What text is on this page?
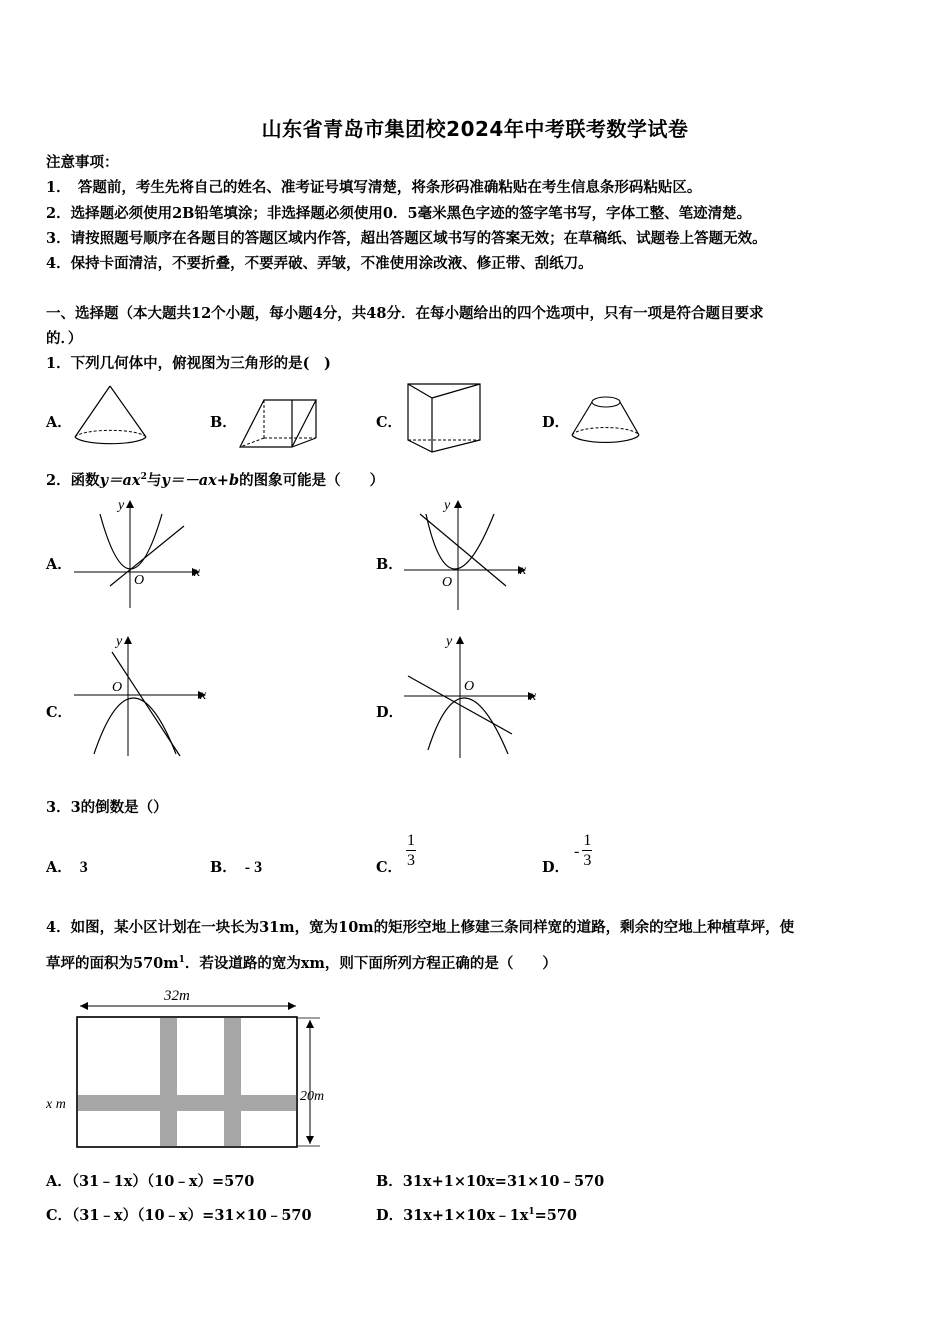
山东省青岛市集团校2024年中考联考数学试卷
注意事项：
1．　答题前，考生先将自己的姓名、准考证号填写清楚，将条形码准确粘贴在考生信息条形码粘贴区。
2．选择题必须使用2B铅笔填涂；非选择题必须使用0．5毫米黑色字迹的签字笔书写，字体工整、笔迹清楚。
3．请按照题号顺序在各题目的答题区域内作答，超出答题区域书写的答案无效；在草稿纸、试题卷上答题无效。
4．保持卡面清洁，不要折叠，不要弄破、弄皱，不准使用涂改液、修正带、刮纸刀。
一、选择题（本大题共12个小题，每小题4分，共48分．在每小题给出的四个选项中，只有一项是符合题目要求
的．）
1．下列几何体中，俯视图为三角形的是(　)
A．	B．	C．	D．
2．函数$y=ax^2$与y＝－ax+b的图象可能是（　　）
A．
y
x
O
B．
y
x
O
C．
y
x
O
D．
y
x
O
3．3的倒数是（）
A． 3	B． - 3	C． $\frac{1}{3}$	D．
- $\frac{1}{3}$
4．如图，某小区计划在一块长为31m，宽为10m的矩形空地上修建三条同样宽的道路，剩余的空地上种植草坪，使
草坪的面积为$570m^1$．若设道路的宽为xm，则下面所列方程正确的是（　　）
32m
20m
x m
A．（31﹣1x）（10﹣x）=570	B．31x+1×10x=31×10﹣570
C．（31﹣x）（10﹣x）=31×10﹣570	D．$31x+1\times 10x﹣1x^1=570$
